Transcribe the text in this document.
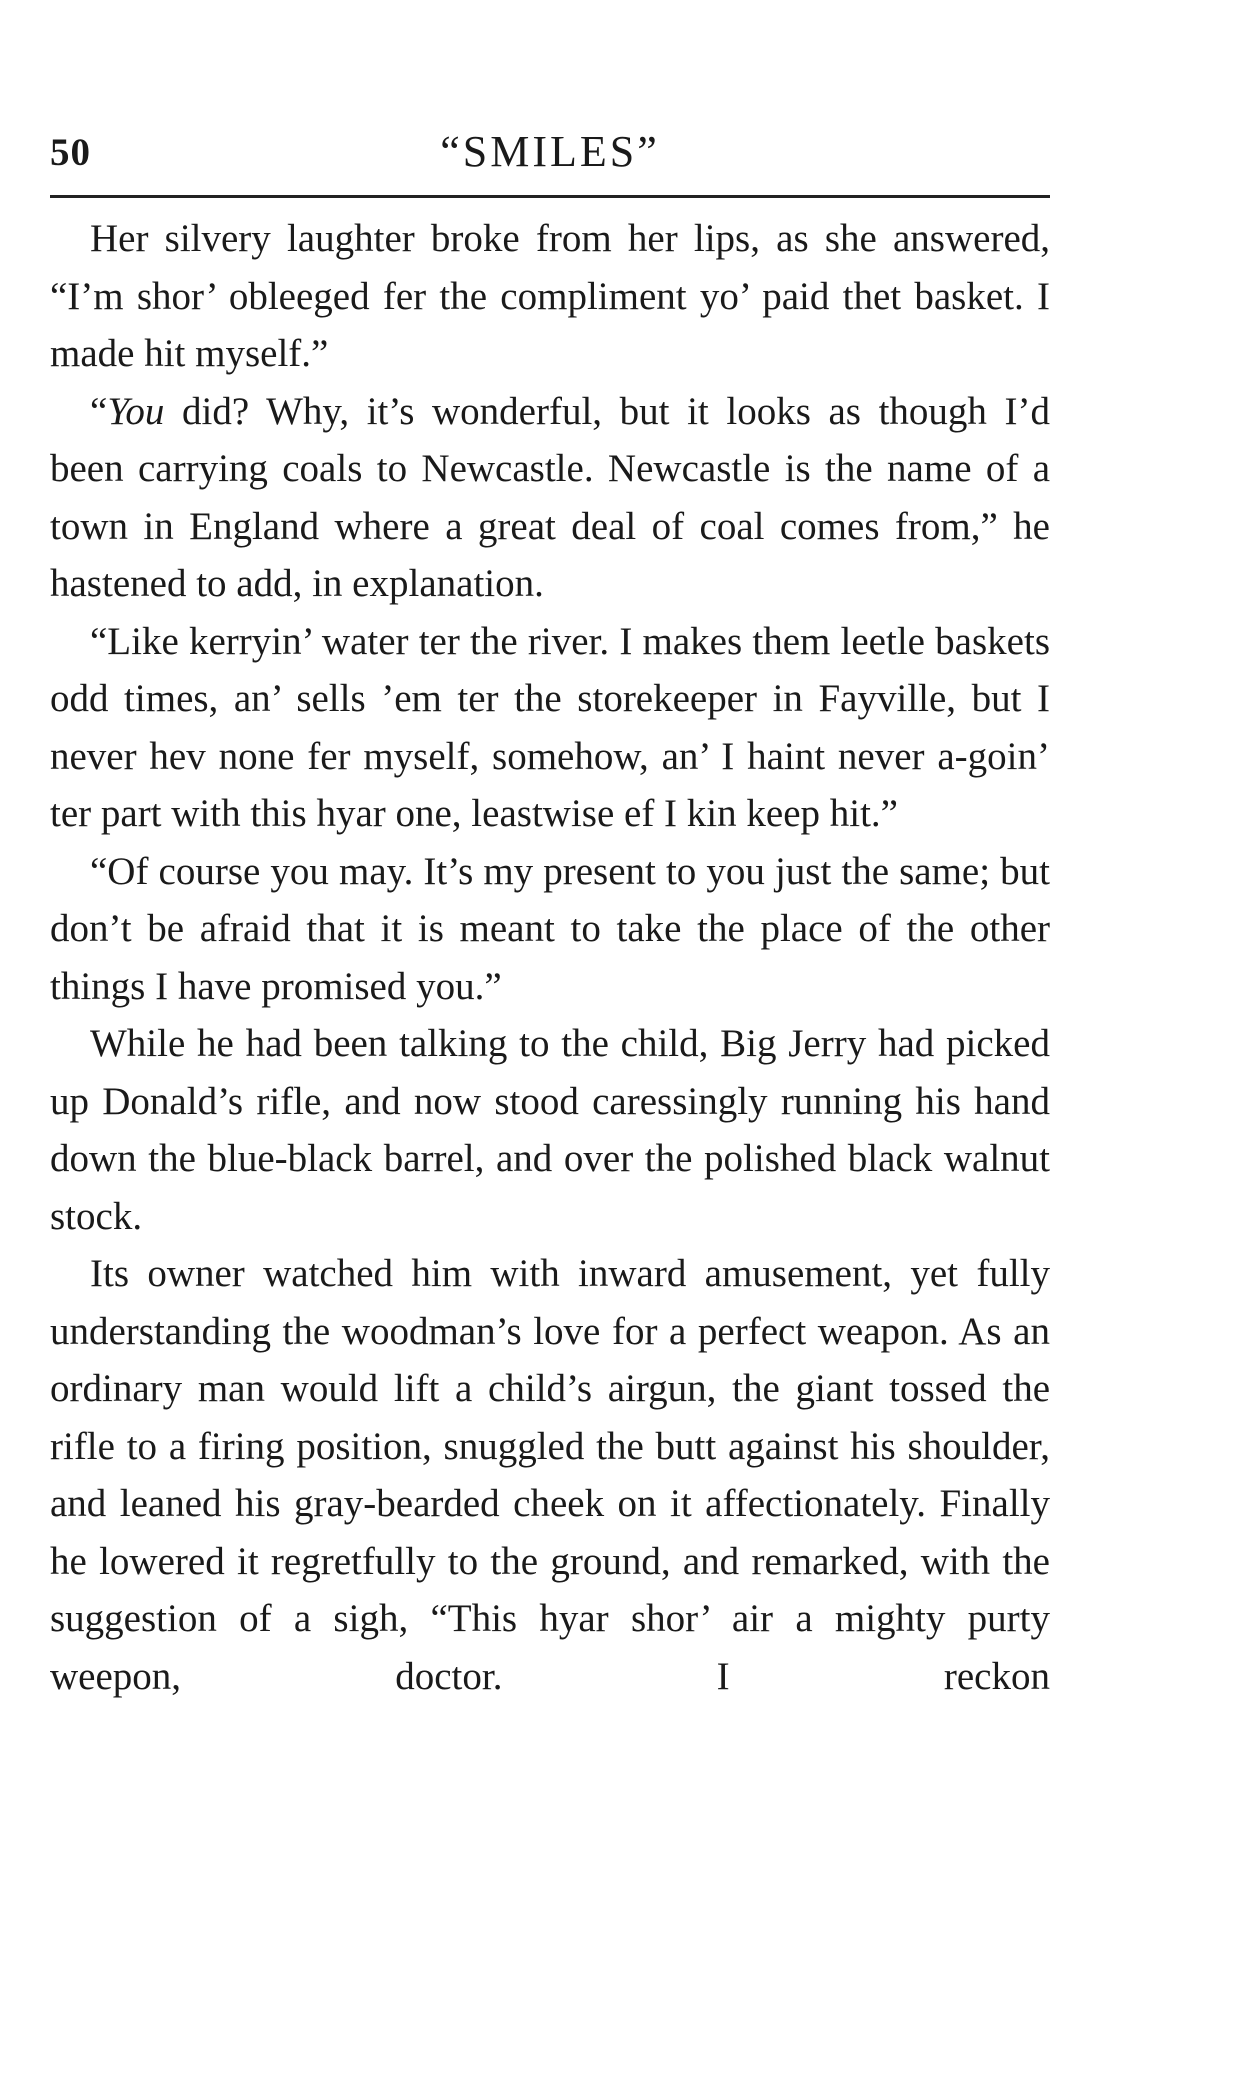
50	“SMILES”

Her silvery laughter broke from her lips, as she answered, “I’m shor’ obleeged fer the compliment yo’ paid thet basket. I made hit myself.”

“You did? Why, it’s wonderful, but it looks as though I’d been carrying coals to Newcastle. Newcastle is the name of a town in England where a great deal of coal comes from,” he hastened to add, in explanation.

“Like kerryin’ water ter the river. I makes them leetle baskets odd times, an’ sells ’em ter the storekeeper in Fayville, but I never hev none fer myself, somehow, an’ I haint never a-goin’ ter part with this hyar one, leastwise ef I kin keep hit.”

“Of course you may. It’s my present to you just the same; but don’t be afraid that it is meant to take the place of the other things I have promised you.”

While he had been talking to the child, Big Jerry had picked up Donald’s rifle, and now stood caressingly running his hand down the blue-black barrel, and over the polished black walnut stock.

Its owner watched him with inward amusement, yet fully understanding the woodman’s love for a perfect weapon. As an ordinary man would lift a child’s airgun, the giant tossed the rifle to a firing position, snuggled the butt against his shoulder, and leaned his gray-bearded cheek on it affectionately. Finally he lowered it regretfully to the ground, and remarked, with the suggestion of a sigh, “This hyar shor’ air a mighty purty weepon, doctor. I reckon
